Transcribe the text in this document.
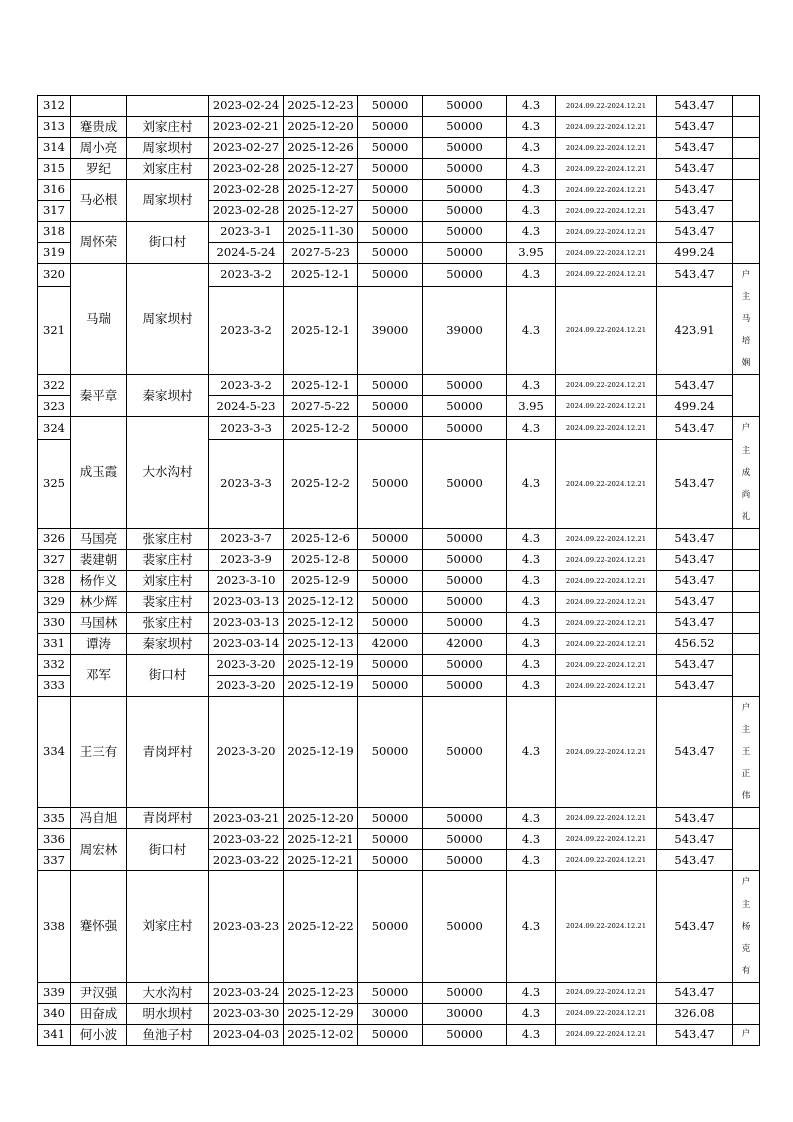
312			2023-02-24	2025-12-23	50000	50000	4.3	2024.09.22-2024.12.21	543.47	

313	蹇贵成	刘家庄村	2023-02-21	2025-12-20	50000	50000	4.3	2024.09.22-2024.12.21	543.47	

314	周小亮	周家坝村	2023-02-27	2025-12-26	50000	50000	4.3	2024.09.22-2024.12.21	543.47	

315	罗纪	刘家庄村	2023-02-28	2025-12-27	50000	50000	4.3	2024.09.22-2024.12.21	543.47	

316	马必根	周家坝村	2023-02-28	2025-12-27	50000	50000	4.3	2024.09.22-2024.12.21	543.47	

317			2023-02-28	2025-12-27	50000	50000	4.3	2024.09.22-2024.12.21	543.47	
318	周怀荣	街口村	2023-3-1	2025-11-30	50000	50000	4.3	2024.09.22-2024.12.21	543.47	

319			2024-5-24	2027-5-23	50000	50000	3.95	2024.09.22-2024.12.21	499.24	
320	马瑞	周家坝村	2023-3-2	2025-12-1	50000	50000	4.3	2024.09.22-2024.12.21	543.47	户主马培娴

321			2023-3-2	2025-12-1	39000	39000	4.3	2024.09.22-2024.12.21	423.91	
322	秦平章	秦家坝村	2023-3-2	2025-12-1	50000	50000	4.3	2024.09.22-2024.12.21	543.47	

323			2024-5-23	2027-5-22	50000	50000	3.95	2024.09.22-2024.12.21	499.24	
324	成玉霞	大水沟村	2023-3-3	2025-12-2	50000	50000	4.3	2024.09.22-2024.12.21	543.47	户主成尚礼

325			2023-3-3	2025-12-2	50000	50000	4.3	2024.09.22-2024.12.21	543.47	
326	马国亮	张家庄村	2023-3-7	2025-12-6	50000	50000	4.3	2024.09.22-2024.12.21	543.47	

327	裴建朝	裴家庄村	2023-3-9	2025-12-8	50000	50000	4.3	2024.09.22-2024.12.21	543.47	

328	杨作义	刘家庄村	2023-3-10	2025-12-9	50000	50000	4.3	2024.09.22-2024.12.21	543.47	

329	林少辉	裴家庄村	2023-03-13	2025-12-12	50000	50000	4.3	2024.09.22-2024.12.21	543.47	

330	马国林	张家庄村	2023-03-13	2025-12-12	50000	50000	4.3	2024.09.22-2024.12.21	543.47	

331	谭涛	秦家坝村	2023-03-14	2025-12-13	42000	42000	4.3	2024.09.22-2024.12.21	456.52	

332	邓军	街口村	2023-3-20	2025-12-19	50000	50000	4.3	2024.09.22-2024.12.21	543.47	

333			2023-3-20	2025-12-19	50000	50000	4.3	2024.09.22-2024.12.21	543.47	
334	王三有	青岗坪村	2023-3-20	2025-12-19	50000	50000	4.3	2024.09.22-2024.12.21	543.47	户主王正伟

335	冯自旭	青岗坪村	2023-03-21	2025-12-20	50000	50000	4.3	2024.09.22-2024.12.21	543.47	

336	周宏林	街口村	2023-03-22	2025-12-21	50000	50000	4.3	2024.09.22-2024.12.21	543.47	

337			2023-03-22	2025-12-21	50000	50000	4.3	2024.09.22-2024.12.21	543.47	
338	蹇怀强	刘家庄村	2023-03-23	2025-12-22	50000	50000	4.3	2024.09.22-2024.12.21	543.47	户主杨克有

339	尹汉强	大水沟村	2023-03-24	2025-12-23	50000	50000	4.3	2024.09.22-2024.12.21	543.47	

340	田奋成	明水坝村	2023-03-30	2025-12-29	30000	30000	4.3	2024.09.22-2024.12.21	326.08	

341	何小波	鱼池子村	2023-04-03	2025-12-02	50000	50000	4.3	2024.09.22-2024.12.21	543.47	户
